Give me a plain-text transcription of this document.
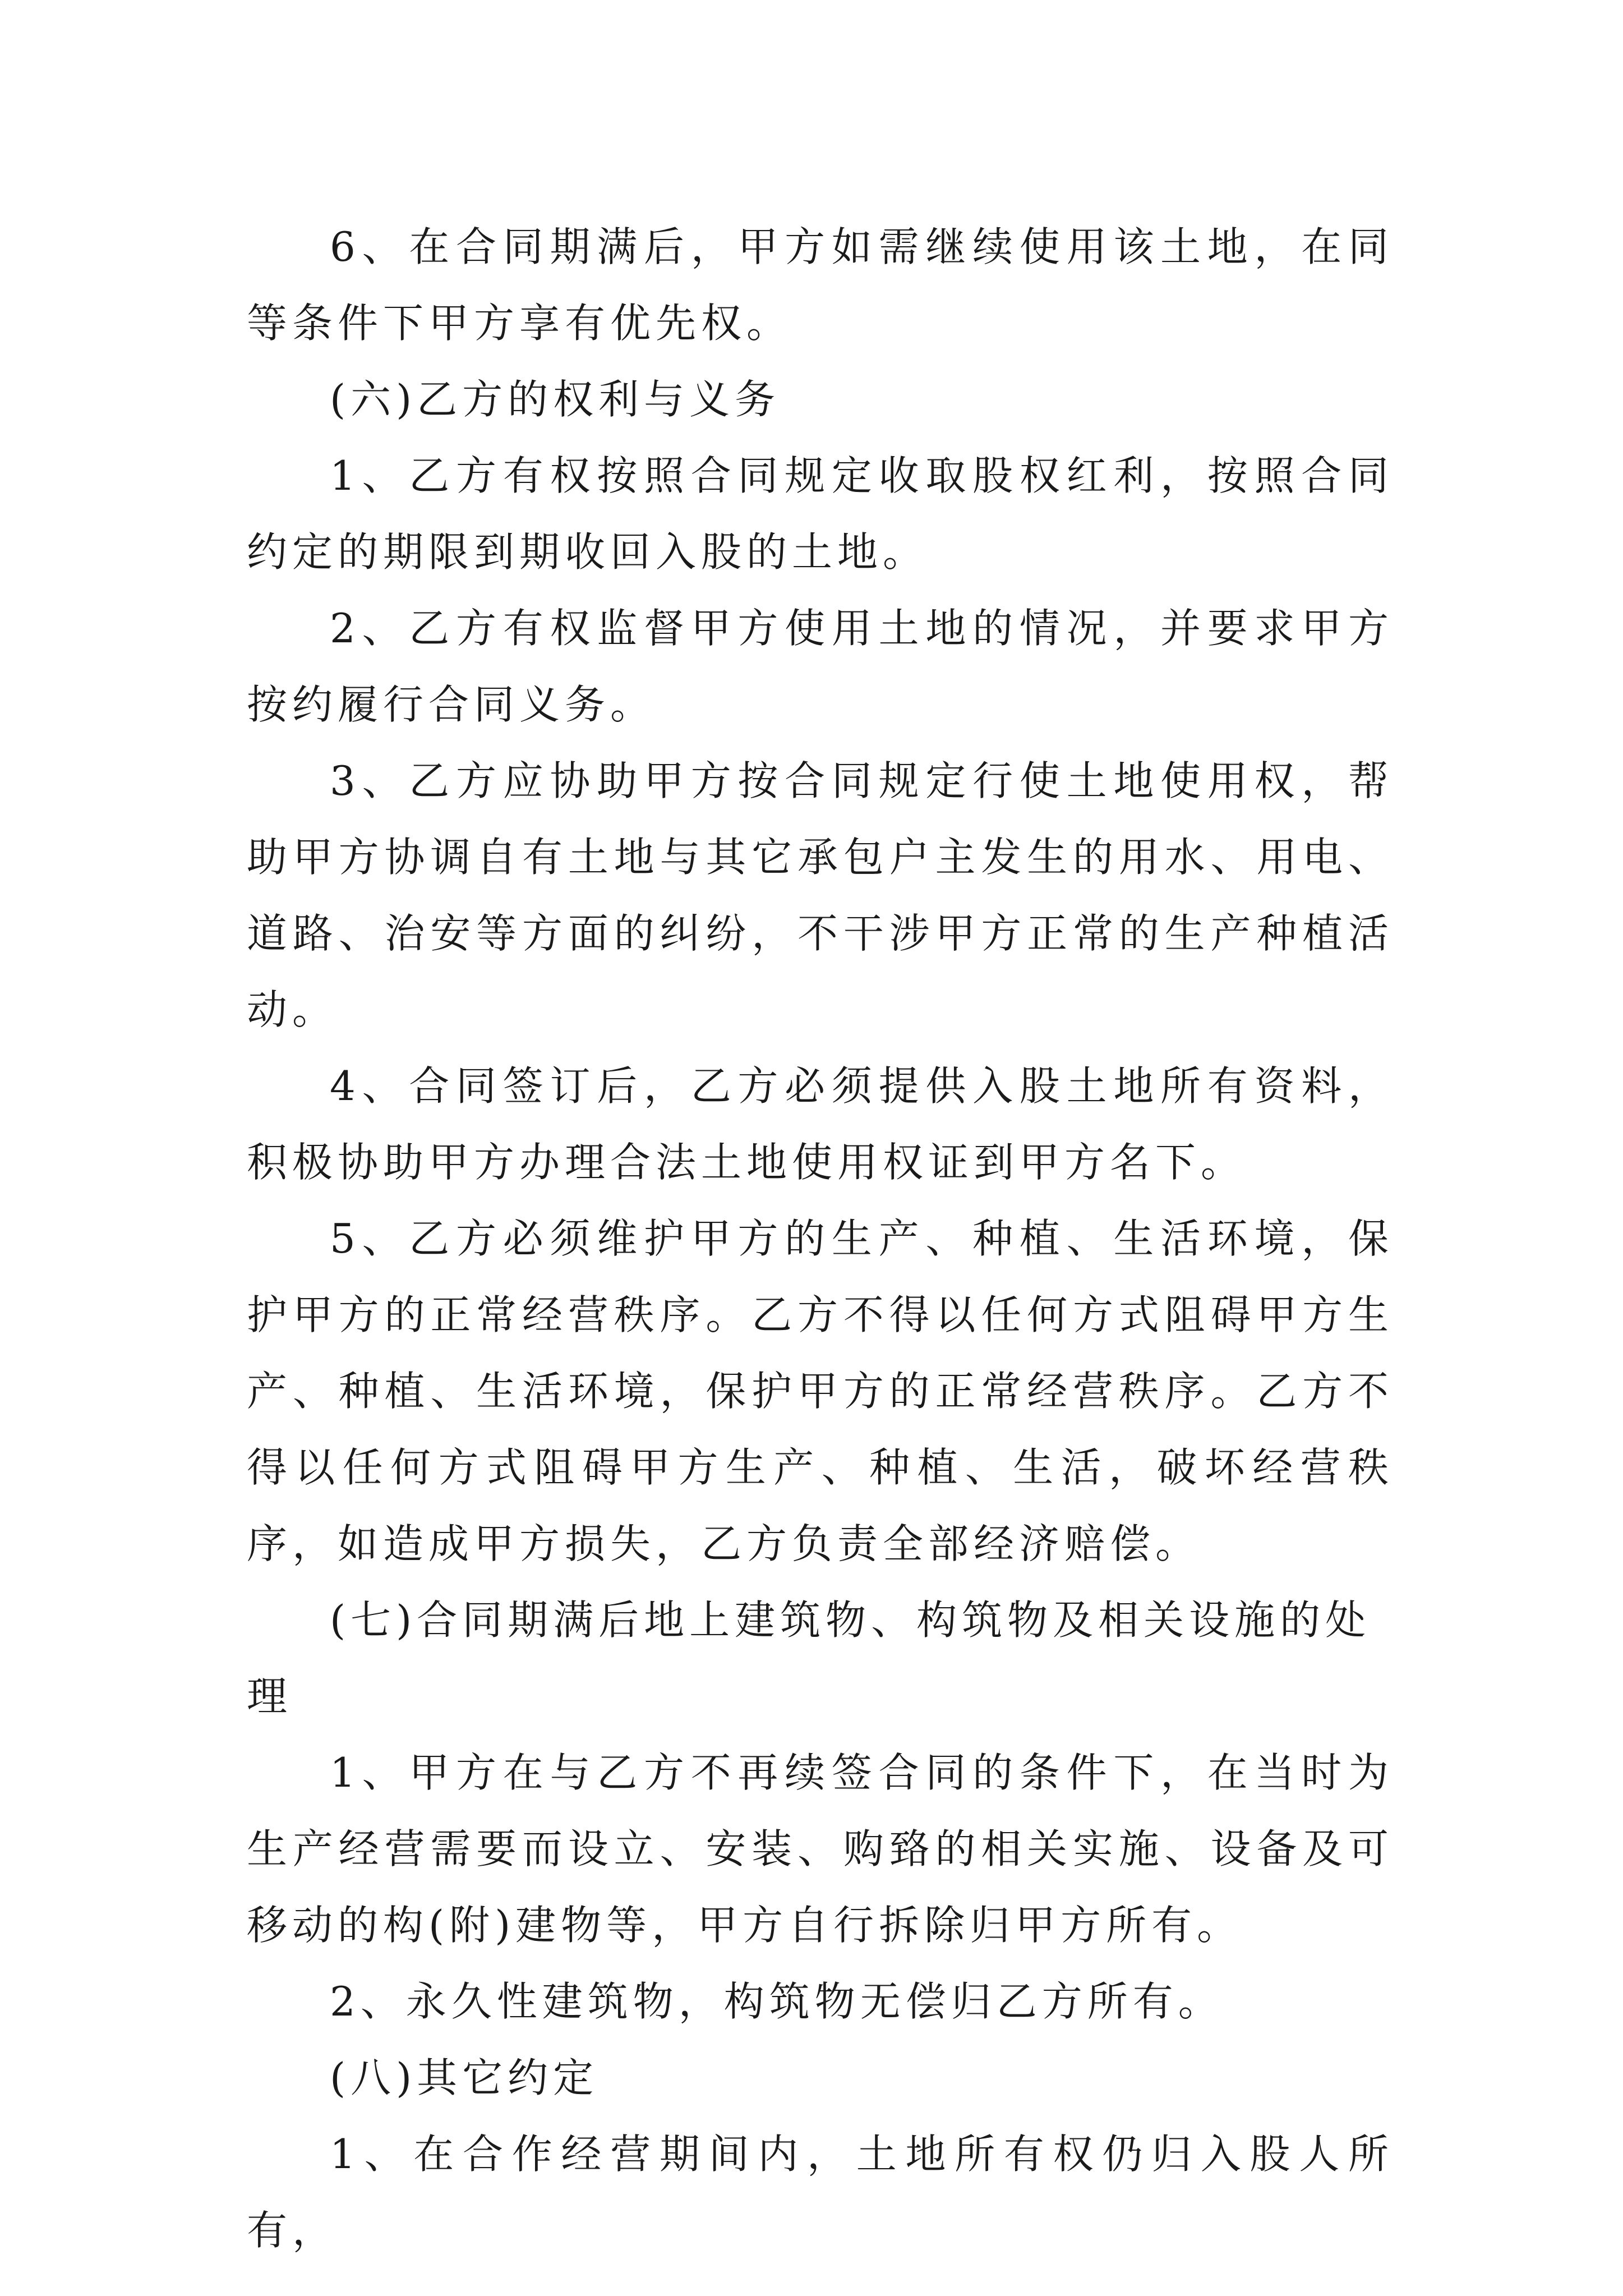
6、在合同期满后，甲方如需继续使用该土地，在同等条件下甲方享有优先权。

(六)乙方的权利与义务

1、乙方有权按照合同规定收取股权红利，按照合同约定的期限到期收回入股的土地。

2、乙方有权监督甲方使用土地的情况，并要求甲方按约履行合同义务。

3、乙方应协助甲方按合同规定行使土地使用权，帮助甲方协调自有土地与其它承包户主发生的用水、用电、道路、治安等方面的纠纷，不干涉甲方正常的生产种植活动。

4、合同签订后，乙方必须提供入股土地所有资料，积极协助甲方办理合法土地使用权证到甲方名下。

5、乙方必须维护甲方的生产、种植、生活环境，保护甲方的正常经营秩序。乙方不得以任何方式阻碍甲方生产、种植、生活环境，保护甲方的正常经营秩序。乙方不得以任何方式阻碍甲方生产、种植、生活，破坏经营秩序，如造成甲方损失，乙方负责全部经济赔偿。

(七)合同期满后地上建筑物、构筑物及相关设施的处理

1、甲方在与乙方不再续签合同的条件下，在当时为生产经营需要而设立、安装、购臵的相关实施、设备及可移动的构(附)建物等，甲方自行拆除归甲方所有。

2、永久性建筑物，构筑物无偿归乙方所有。

(八)其它约定

1、在合作经营期间内，土地所有权仍归入股人所有，
